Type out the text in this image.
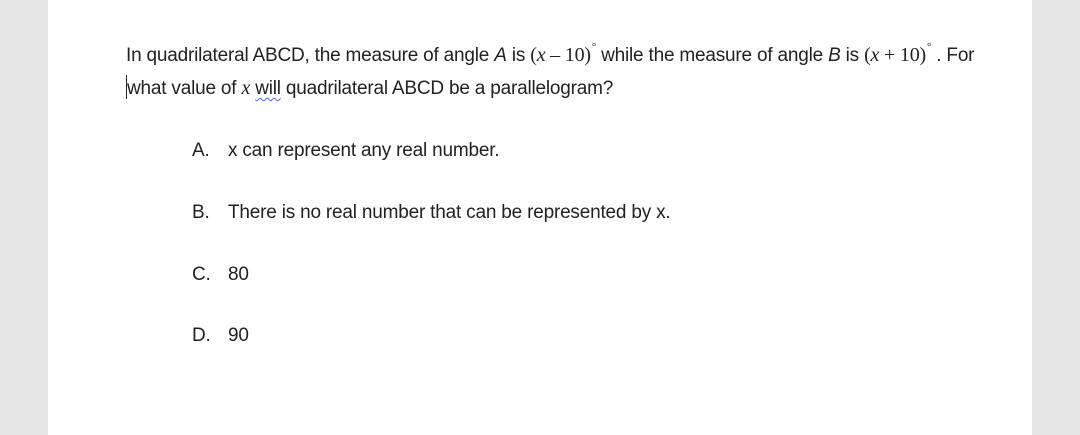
In quadrilateral ABCD, the measure of angle A is (x – 10)° while the measure of angle B is (x + 10)° . For
what value of x will quadrilateral ABCD be a parallelogram?
A. x can represent any real number.
B. There is no real number that can be represented by x.
C. 80
D. 90
